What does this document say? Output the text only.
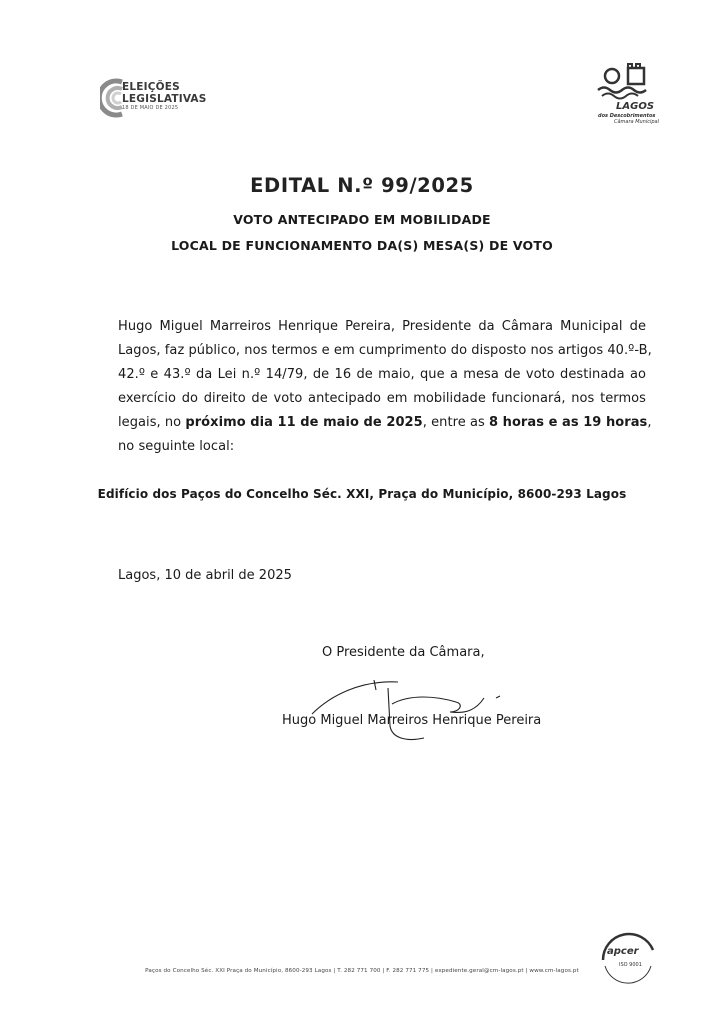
ELEIÇÕES
LEGISLATIVAS
18 DE MAIO DE 2025	LAGOS
dos Descobrimentos
Câmara Municipal
EDITAL N.º 99/2025
VOTO ANTECIPADO EM MOBILIDADE
LOCAL DE FUNCIONAMENTO DA(S) MESA(S) DE VOTO
Hugo Miguel Marreiros Henrique Pereira, Presidente da Câmara Municipal de
Lagos, faz público, nos termos e em cumprimento do disposto nos artigos 40.º-B,
42.º e 43.º da Lei n.º 14/79, de 16 de maio, que a mesa de voto destinada ao
exercício do direito de voto antecipado em mobilidade funcionará, nos termos
legais, no próximo dia 11 de maio de 2025, entre as 8 horas e as 19 horas,
no seguinte local:
Edifício dos Paços do Concelho Séc. XXI, Praça do Município, 8600-293 Lagos
Lagos, 10 de abril de 2025
O Presidente da Câmara,
Hugo Miguel Marreiros Henrique Pereira
Paços do Concelho Séc. XXI Praça do Município, 8600-293 Lagos | T. 282 771 700 | F. 282 771 775 | expediente.geral@cm-lagos.pt | www.cm-lagos.pt
apcer
ISO 9001
